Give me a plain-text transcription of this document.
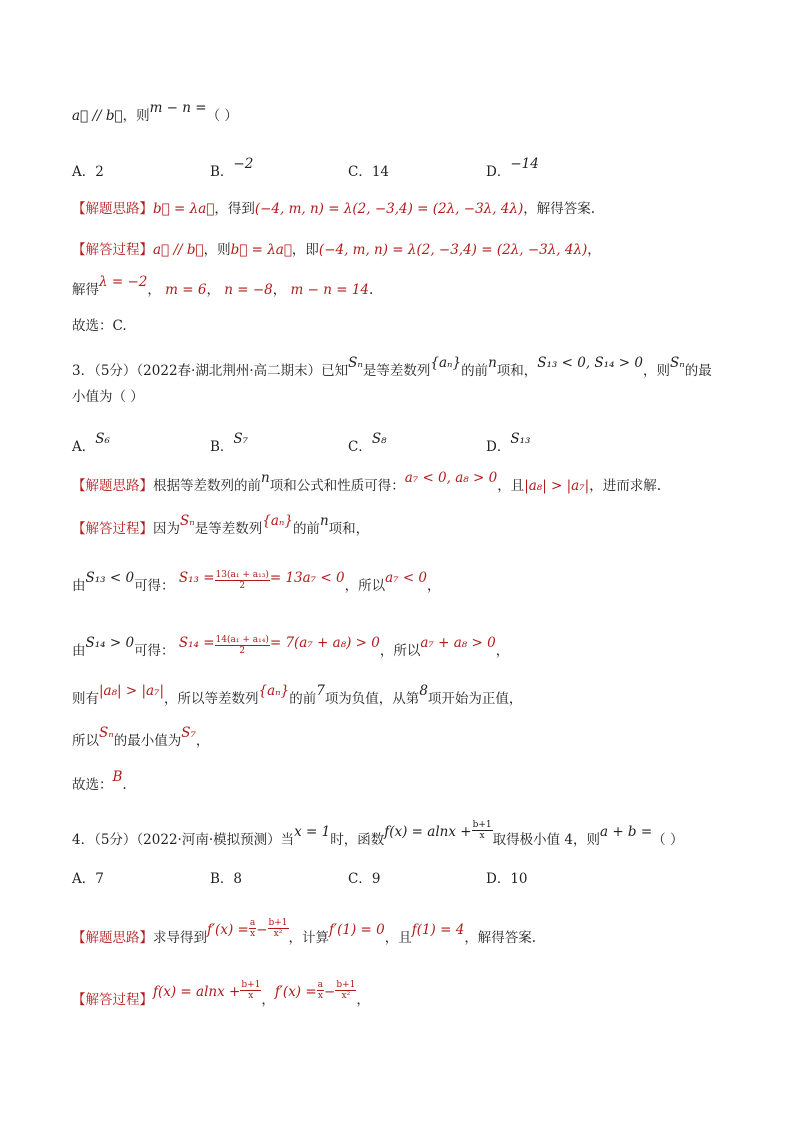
a⃗ // b⃗，则m − n =（ ）
A．2	B．−2	C．14	D．−14
【解题思路】b⃗ = λa⃗，得到(−4, m, n) = λ(2, −3,4) = (2λ, −3λ, 4λ)，解得答案.
【解答过程】a⃗ // b⃗，则b⃗ = λa⃗，即(−4, m, n) = λ(2, −3,4) = (2λ, −3λ, 4λ)，
解得λ = −2， m = 6， n = −8， m − n = 14.
故选：C.
3．（5分）（2022春·湖北荆州·高二期末）已知Sₙ是等差数列{aₙ}的前n项和，S₁₃ < 0, S₁₄ > 0，则Sₙ的最
小值为（ ）
A．S₆	B．S₇	C．S₈	D．S₁₃
【解题思路】根据等差数列的前n项和公式和性质可得：a₇ < 0, a₈ > 0，且|a₈| > |a₇|，进而求解.
【解答过程】因为Sₙ是等差数列{aₙ}的前n项和，
由S₁₃ < 0可得： $S_{13} = \frac{\text{13(a₁ + a₁₃)}}{2} = 13a_7 < 0$，所以a₇ < 0，
由S₁₄ > 0可得： $S_{14} = \frac{\text{14(a₁ + a₁₄)}}{2} = 7(a_7 + a_8) > 0$，所以a₇ + a₈ > 0，
则有|a₈| > |a₇|，所以等差数列{aₙ}的前7项为负值，从第8项开始为正值，
所以Sₙ的最小值为S₇，
故选：B.
4．（5分）（2022·河南·模拟预测）当x = 1时，函数$f(x) = alnx + \frac{b+1}{x}$ 取得极小值 4，则a + b =（ ）
A．7	B．8	C．9	D．10
【解题思路】求导得到$f'(x) = \frac{a}{x} - \frac{b+1}{\text{x²}}$ ，计算f′(1) = 0，且f(1) = 4，解得答案.
【解答过程】$f(x) = alnx + \frac{b+1}{x}$ ，$f'(x) = \frac{a}{x} - \frac{b+1}{\text{x²}}$ ，
